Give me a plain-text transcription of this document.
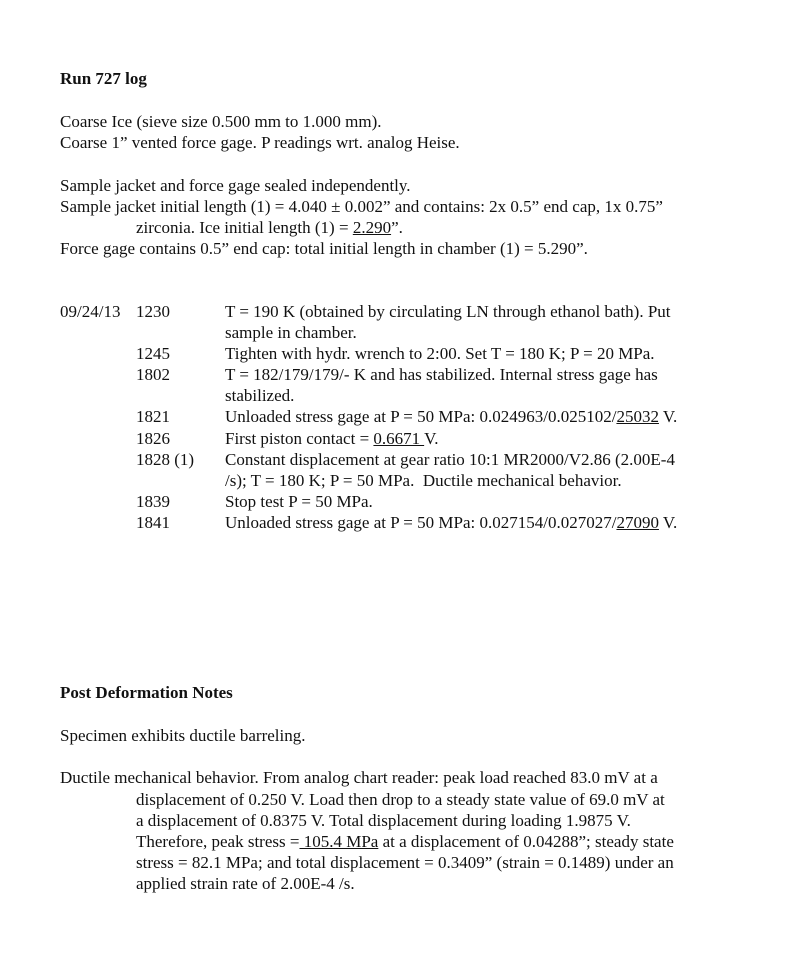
Run 727 log
Coarse Ice (sieve size 0.500 mm to 1.000 mm).
Coarse 1” vented force gage. P readings wrt. analog Heise.
Sample jacket and force gage sealed independently.
Sample jacket initial length (1) = 4.040 ± 0.002” and contains: 2x 0.5” end cap, 1x 0.75”
zirconia. Ice initial length (1) = 2.290”.
Force gage contains 0.5” end cap: total initial length in chamber (1) = 5.290”.
09/24/13 1230	T = 190 K (obtained by circulating LN through ethanol bath). Put
sample in chamber.
1245	Tighten with hydr. wrench to 2:00. Set T = 180 K; P = 20 MPa.
1802	T = 182/179/179/- K and has stabilized. Internal stress gage has
stabilized.
1821	Unloaded stress gage at P = 50 MPa: 0.024963/0.025102/25032 V.
1826	First piston contact = 0.6671 V.
1828 (1) Constant displacement at gear ratio 10:1 MR2000/V2.86 (2.00E-4
/s); T = 180 K; P = 50 MPa.  Ductile mechanical behavior.
1839	Stop test P = 50 MPa.
1841	Unloaded stress gage at P = 50 MPa: 0.027154/0.027027/27090 V.
Post Deformation Notes
Specimen exhibits ductile barreling.
Ductile mechanical behavior. From analog chart reader: peak load reached 83.0 mV at a
displacement of 0.250 V. Load then drop to a steady state value of 69.0 mV at
a displacement of 0.8375 V. Total displacement during loading 1.9875 V.
Therefore, peak stress = 105.4 MPa at a displacement of 0.04288”; steady state
stress = 82.1 MPa; and total displacement = 0.3409” (strain = 0.1489) under an
applied strain rate of 2.00E-4 /s.
